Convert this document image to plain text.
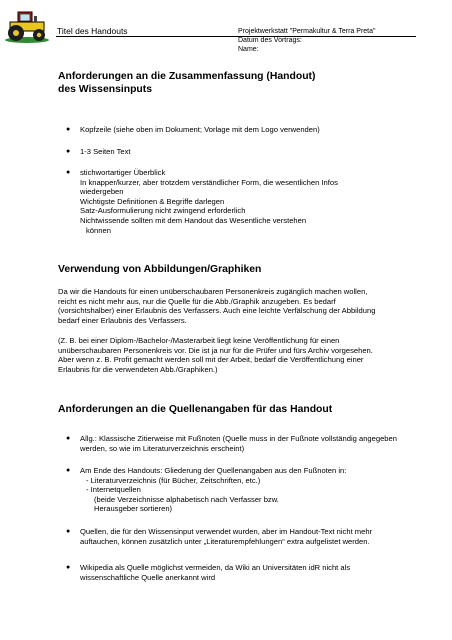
Titel des Handouts	Projektwerkstatt "Permakultur & Terra Preta"
Datum des Vortrags:
Name:
Anforderungen an die Zusammenfassung (Handout)
des Wissensinputs
● Kopfzeile (siehe oben im Dokument; Vorlage mit dem Logo verwenden)
● 1-3 Seiten Text
● stichwortartiger Überblick
In knapper/kurzer, aber trotzdem verständlicher Form, die wesentlichen Infos wiedergeben
Wichtigste Definitionen & Begriffe darlegen
Satz-Ausformulierung nicht zwingend erforderlich
Nichtwissende sollten mit dem Handout das Wesentliche verstehen
können
Verwendung von Abbildungen/Graphiken
Da wir die Handouts für einen unüberschaubaren Personenkreis zugänglich machen wollen, reicht es nicht mehr aus, nur die Quelle für die Abb./Graphik anzugeben. Es bedarf (vorsichtshalber) einer Erlaubnis des Verfassers. Auch eine leichte Verfälschung der Abbildung bedarf einer Erlaubnis des Verfassers.
(Z. B. bei einer Diplom-/Bachelor-/Masterarbeit liegt keine Veröffentlichung für einen unüberschaubaren Personenkreis vor. Die ist ja nur für die Prüfer und fürs Archiv vorgesehen. Aber wenn z. B. Profit gemacht werden soll mit der Arbeit, bedarf die Veröffentlichung einer Erlaubnis für die verwendeten Abb./Graphiken.)
Anforderungen an die Quellenangaben für das Handout
● Allg.: Klassische Zitierweise mit Fußnoten (Quelle muss in der Fußnote vollständig angegeben werden, so wie im Literaturverzeichnis erscheint)
● Am Ende des Handouts: Gliederung der Quellenangaben aus den Fußnoten in:
- Literaturverzeichnis (für Bücher, Zeitschriften, etc.)
- Internetquellen
(beide Verzeichnisse alphabetisch nach Verfasser bzw.
Herausgeber sortieren)
● Quellen, die für den Wissensinput verwendet wurden, aber im Handout-Text nicht mehr auftauchen, können zusätzlich unter „Literaturempfehlungen“ extra aufgelistet werden.
● Wikipedia als Quelle möglichst vermeiden, da Wiki an Universitäten idR nicht als wissenschaftliche Quelle anerkannt wird
